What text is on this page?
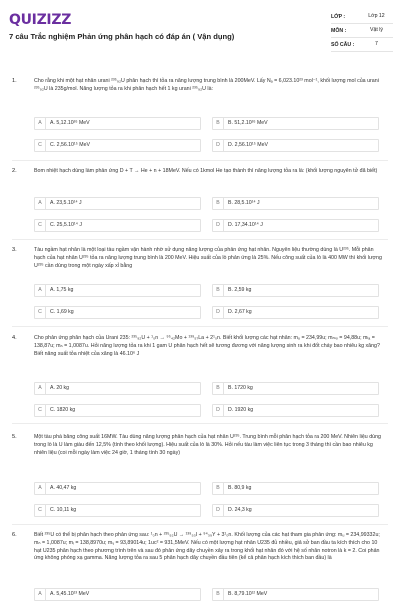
QUIZIZZ
7 câu Trắc nghiệm Phản ứng phân hạch có đáp án ( Vận dụng)
LỚP :	Lớp 12
MÔN :	Vật lý
SỐ CÂU :	7
1.	Cho rằng khi một hạt nhân urani ²³⁵₉₂U phân hạch thì tỏa ra năng lượng trung bình là 200MeV. Lấy Nₐ = 6,023.10²³ mol⁻¹, khối lượng mol của urani ²³⁵₉₂U là 235g/mol. Năng lượng tỏa ra khi phân hạch hết 1 kg urani ²³⁵₉₂U là:
A	A. 5,12.10²⁶ MeV	B	B. 51,2.10²⁶ MeV
C	C. 2,56.10¹⁵ MeV	D	D. 2,56.10¹⁵ MeV
2.	Bom nhiệt hạch dùng làm phản ứng D + T → He + n + 18MeV. Nếu có 1kmol He tạo thành thì năng lượng tỏa ra là: (khối lượng nguyên tử đã biết)
A	A. 23,5.10¹⁴ J	B	B. 28,5.10¹⁴ J
C	C. 25,5.10¹⁴ J	D	D. 17,34.10¹⁴ J
3.	Tàu ngầm hạt nhân là một loại tàu ngầm vận hành nhờ sử dụng năng lượng của phản ứng hạt nhân. Nguyên liệu thường dùng là U²³⁵. Mỗi phân hạch của hạt nhân U²³⁵ tỏa ra năng lượng trung bình là 200 MeV. Hiệu suất của lò phản ứng là 25%. Nếu công suất của lò là 400 MW thì khối lượng U²³⁵ cần dùng trong một ngày xấp xỉ bằng
A	A. 1,75 kg	B	B. 2,59 kg
C	C. 1,69 kg	D	D. 2,67 kg
4.	Cho phản ứng phân hạch của Urani 235: ²³⁵₉₂U + ¹₀n → ⁹⁵₄₂Mo + ¹³⁹₅₇La + 2¹₀n. Biết khối lượng các hạt nhân: mᵤ = 234,99u; mₘₒ = 94,88u; mₗₐ = 138,87u; mₙ = 1,0087u. Hỏi năng lượng tỏa ra khi 1 gam U phân hạch hết sẽ tương đương với năng lượng sinh ra khi đốt cháy bao nhiêu kg xăng? Biết năng suất tỏa nhiệt của xăng là 46.10⁶ J
A	A. 20 kg	B	B. 1720 kg
C	C. 1820 kg	D	D. 1920 kg
5.	Một tàu phá băng công suất 16MW. Tàu dùng năng lượng phân hạch của hạt nhân U²³⁵. Trung bình mỗi phân hạch tỏa ra 200 MeV. Nhiên liệu dùng trong lò là U làm giàu đến 12,5% (tính theo khối lượng). Hiệu suất của lò là 30%. Hỏi nếu tàu làm việc liên tục trong 3 tháng thì cần bao nhiêu kg nhiên liệu (coi mỗi ngày làm việc 24 giờ, 1 tháng tính 30 ngày)
A	A. 40,47 kg	B	B. 80,9 kg
C	C. 10,11 kg	D	D. 24,3 kg
6.	Biết ²³⁵U có thể bị phân hạch theo phản ứng sau: ¹₀n + ²³⁵₉₂U → ¹³⁹₅₃I + ⁹⁴₃₉Y + 3¹₀n. Khối lượng của các hạt tham gia phản ứng: mᵤ = 234,99332u; mₙ = 1,0087u; mᵢ = 138,8970u; mᵧ = 93,89014u; 1uc² = 931,5MeV. Nếu có một lượng hạt nhân U235 đủ nhiều, giả sử ban đầu ta kích thích cho 10 hạt U235 phân hạch theo phương trình trên và sau đó phản ứng dây chuyền xảy ra trong khối hạt nhân đó với hệ số nhân notron là k = 2. Coi phản ứng không phóng xạ gamma. Năng lượng tỏa ra sau 5 phân hạch dây chuyền đầu tiên (kể cả phân hạch kích thích ban đầu) là
A	A. 5,45.10¹³ MeV	B	B. 8,79.10¹² MeV
